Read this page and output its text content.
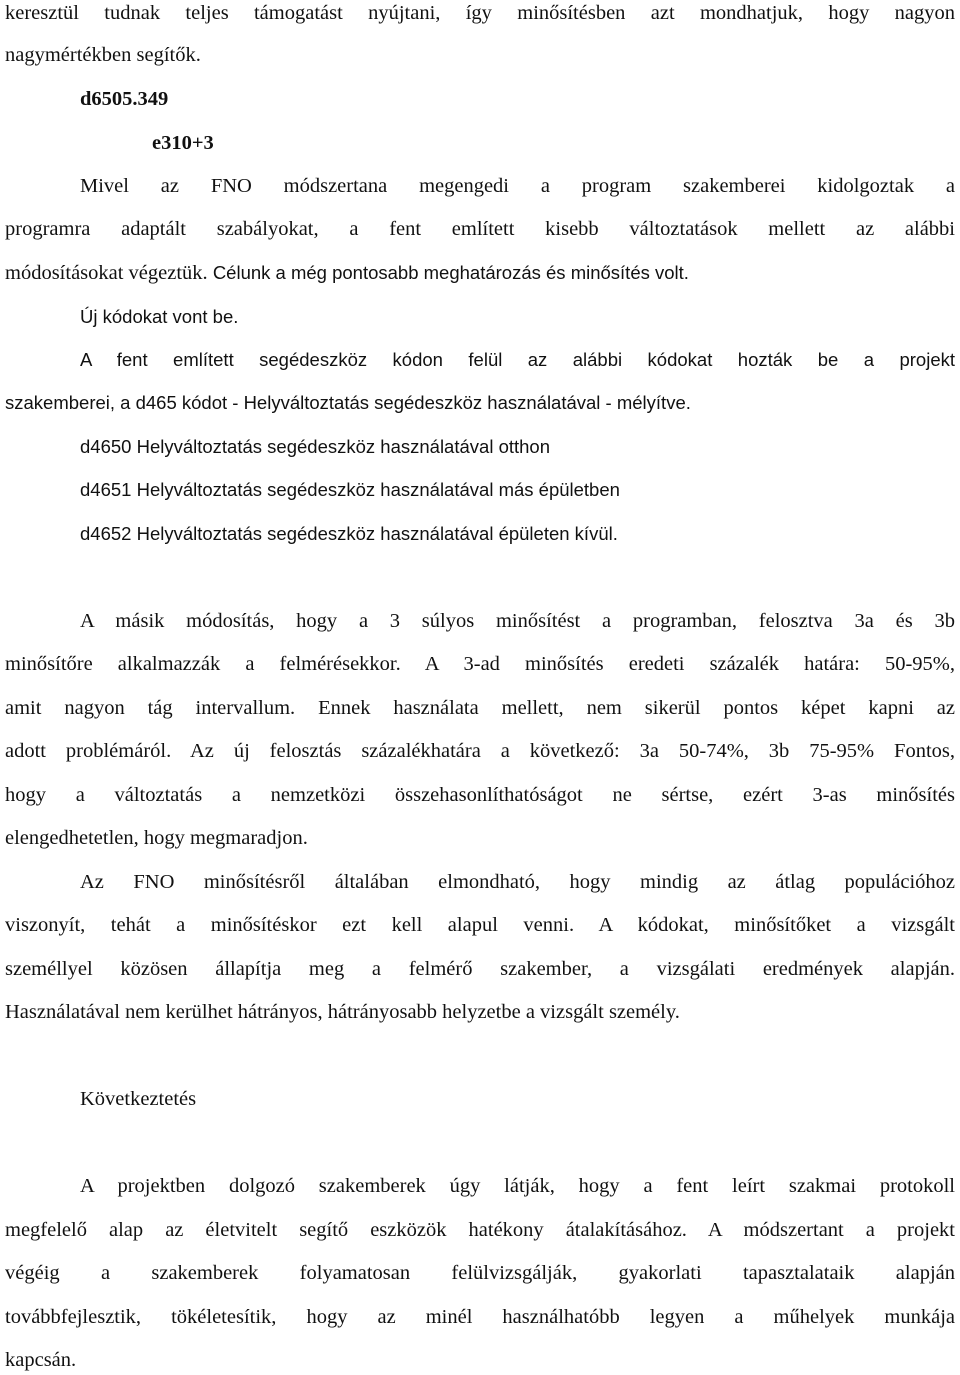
keresztül tudnak teljes támogatást nyújtani, így minősítésben azt mondhatjuk, hogy nagyon
nagymértékben segítők.
d6505.349
e310+3
Mivel az FNO módszertana megengedi a program szakemberei kidolgoztak a
programra adaptált szabályokat, a fent említett kisebb változtatások mellett az alábbi
módosításokat végeztük. Célunk a még pontosabb meghatározás és minősítés volt.
Új kódokat vont be.
A fent említett segédeszköz kódon felül az alábbi kódokat hozták be a projekt
szakemberei, a d465 kódot - Helyváltoztatás segédeszköz használatával - mélyítve.
d4650 Helyváltoztatás segédeszköz használatával otthon
d4651 Helyváltoztatás segédeszköz használatával más épületben
d4652 Helyváltoztatás segédeszköz használatával épületen kívül.
A másik módosítás, hogy a 3 súlyos minősítést a programban, felosztva 3a és 3b
minősítőre alkalmazzák a felmérésekkor. A 3-ad minősítés eredeti százalék határa: 50-95%,
amit nagyon tág intervallum. Ennek használata mellett, nem sikerül pontos képet kapni az
adott problémáról. Az új felosztás százalékhatára a következő: 3a 50-74%, 3b 75-95% Fontos,
hogy a változtatás a nemzetközi összehasonlíthatóságot ne sértse, ezért 3-as minősítés
elengedhetetlen, hogy megmaradjon.
Az FNO minősítésről általában elmondható, hogy mindig az átlag populációhoz
viszonyít, tehát a minősítéskor ezt kell alapul venni. A kódokat, minősítőket a vizsgált
személlyel közösen állapítja meg a felmérő szakember, a vizsgálati eredmények alapján.
Használatával nem kerülhet hátrányos, hátrányosabb helyzetbe a vizsgált személy.
Következtetés
A projektben dolgozó szakemberek úgy látják, hogy a fent leírt szakmai protokoll
megfelelő alap az életvitelt segítő eszközök hatékony átalakításához. A módszertant a projekt
végéig a szakemberek folyamatosan felülvizsgálják, gyakorlati tapasztalataik alapján
továbbfejlesztik, tökéletesítik, hogy az minél használhatóbb legyen a műhelyek munkája
kapcsán.
